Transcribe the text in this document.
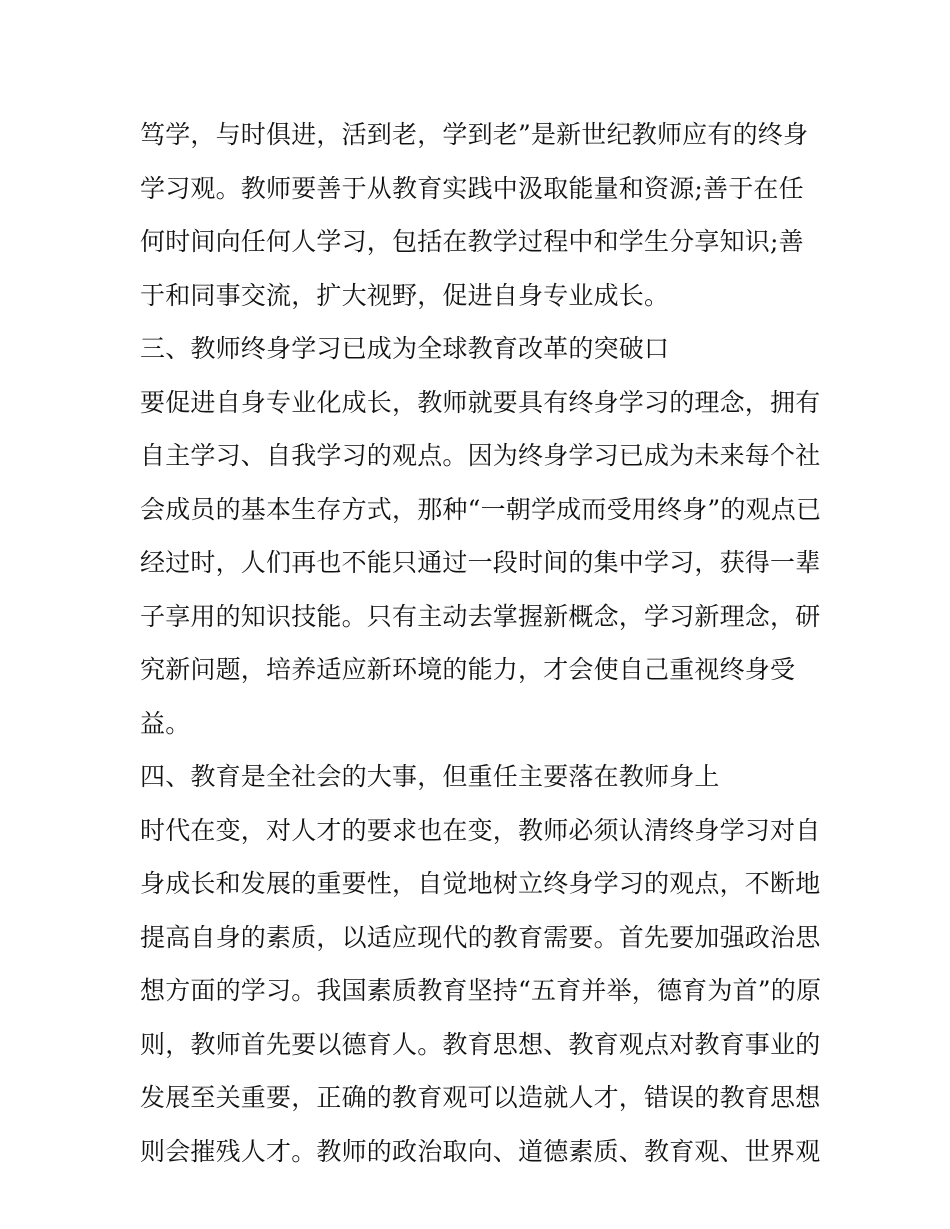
笃学，与时俱进，活到老，学到老”是新世纪教师应有的终身
学习观。教师要善于从教育实践中汲取能量和资源;善于在任
何时间向任何人学习，包括在教学过程中和学生分享知识;善
于和同事交流，扩大视野，促进自身专业成长。
三、教师终身学习已成为全球教育改革的突破口
要促进自身专业化成长，教师就要具有终身学习的理念，拥有
自主学习、自我学习的观点。因为终身学习已成为未来每个社
会成员的基本生存方式，那种“一朝学成而受用终身”的观点已
经过时，人们再也不能只通过一段时间的集中学习，获得一辈
子享用的知识技能。只有主动去掌握新概念，学习新理念，研
究新问题，培养适应新环境的能力，才会使自己重视终身受
益。
四、教育是全社会的大事，但重任主要落在教师身上
时代在变，对人才的要求也在变，教师必须认清终身学习对自
身成长和发展的重要性，自觉地树立终身学习的观点，不断地
提高自身的素质，以适应现代的教育需要。首先要加强政治思
想方面的学习。我国素质教育坚持“五育并举，德育为首”的原
则，教师首先要以德育人。教育思想、教育观点对教育事业的
发展至关重要，正确的教育观可以造就人才，错误的教育思想
则会摧残人才。教师的政治取向、道德素质、教育观、世界观
